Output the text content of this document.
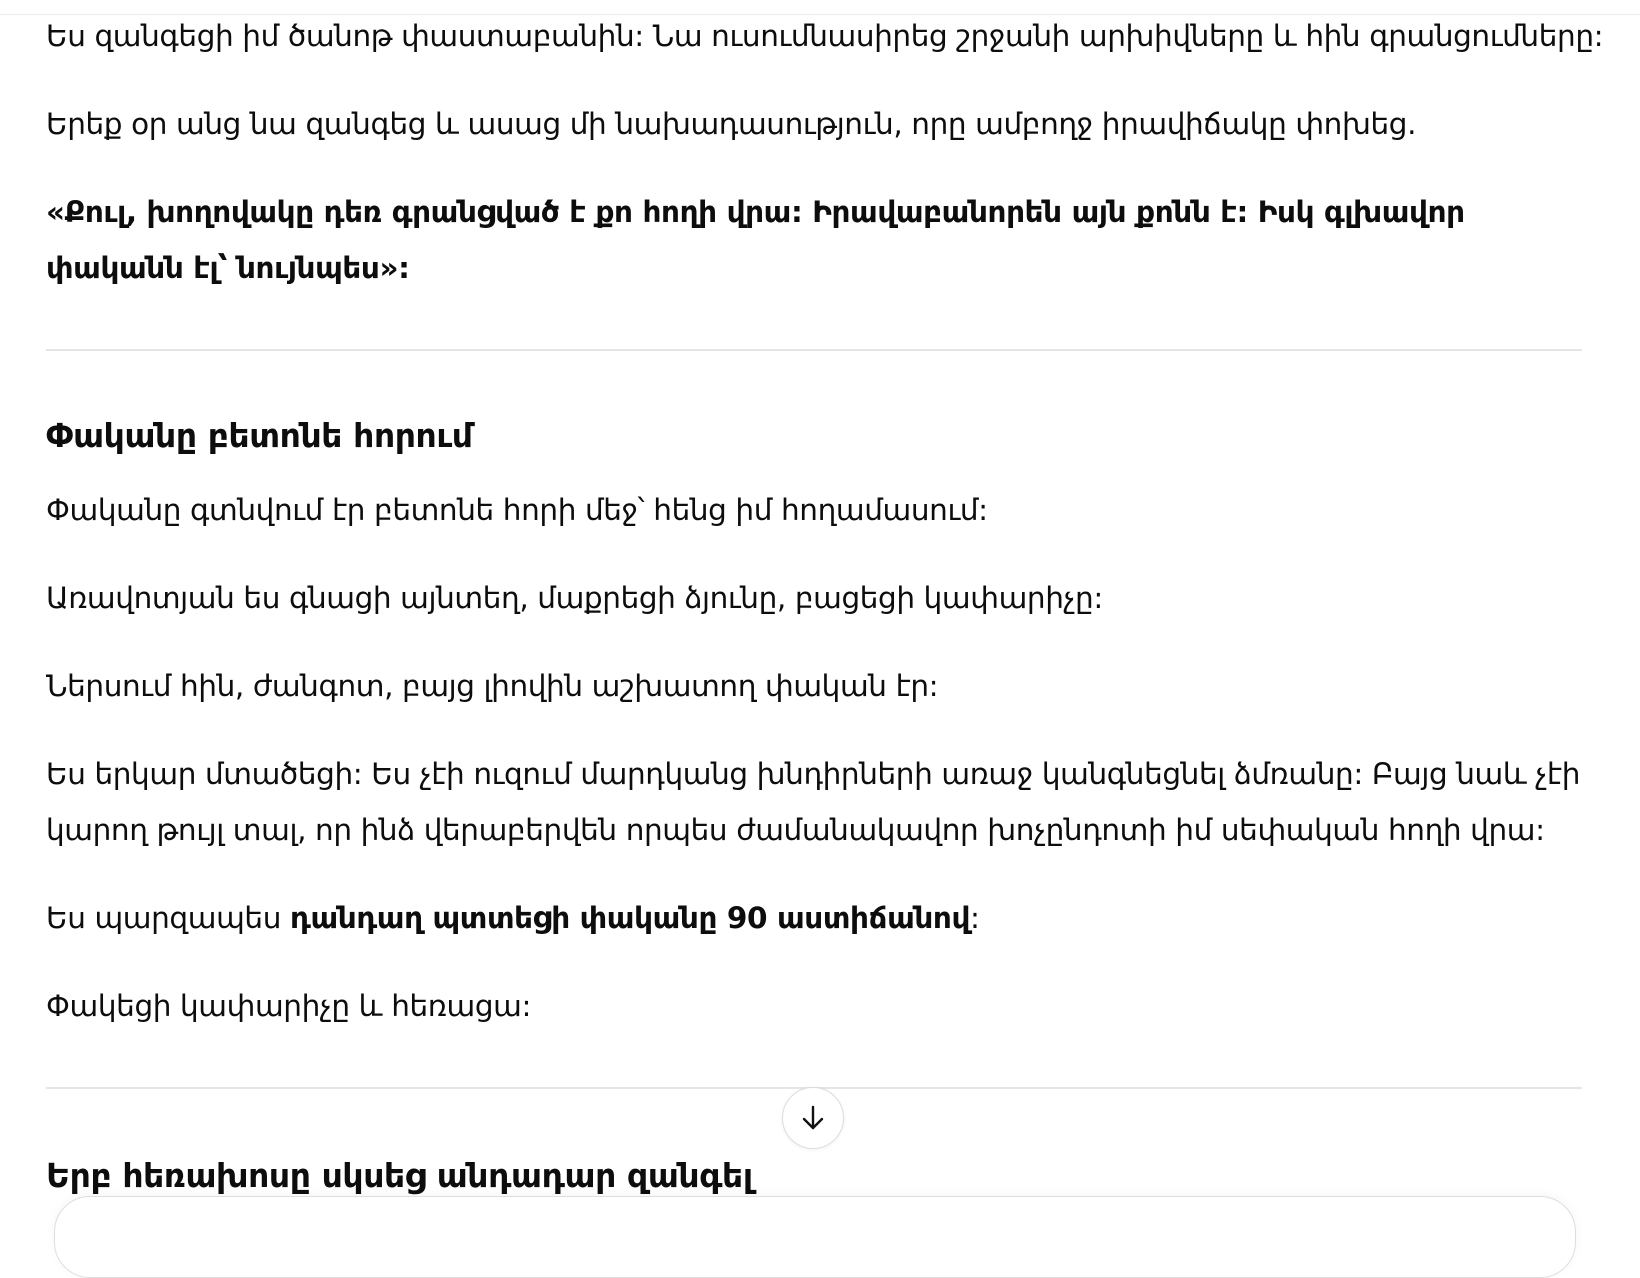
Ես զանգեցի իմ ծանոթ փաստաբանին: Նա ուսումնասիրեց շրջանի արխիվները և հին գրանցումները:

Երեք օր անց նա զանգեց և ասաց մի նախադասություն, որը ամբողջ իրավիճակը փոխեց.

«Քուլ, խողովակը դեռ գրանցված է քո հողի վրա: Իրավաբանորեն այն քոնն է: Իսկ գլխավոր

փականն էլ՝ նույնպես»:

Փականը բետոնե հորում

Փականը գտնվում էր բետոնե հորի մեջ՝ հենց իմ հողամասում:

Առավոտյան ես գնացի այնտեղ, մաքրեցի ձյունը, բացեցի կափարիչը:

Ներսում հին, ժանգոտ, բայց լիովին աշխատող փական էր:

Ես երկար մտածեցի: Ես չէի ուզում մարդկանց խնդիրների առաջ կանգնեցնել ձմռանը: Բայց նաև չէի

կարող թույլ տալ, որ ինձ վերաբերվեն որպես ժամանակավոր խոչընդոտի իմ սեփական հողի վրա:

Ես պարզապես դանդաղ պտտեցի փականը 90 աստիճանով:

Փակեցի կափարիչը և հեռացա:

Երբ հեռախոսը սկսեց անդադար զանգել
